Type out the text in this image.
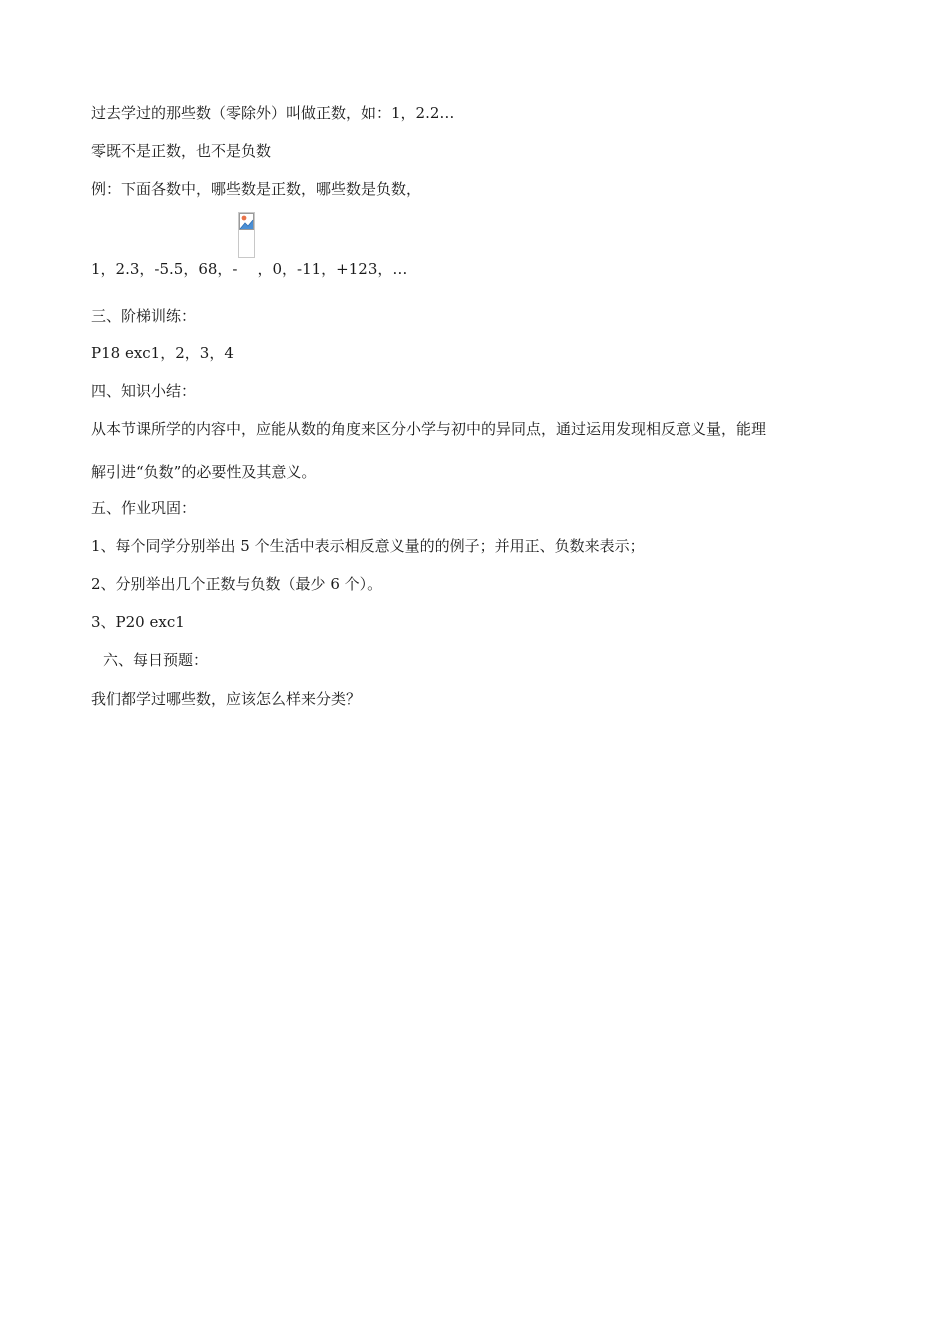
过去学过的那些数（零除外）叫做正数，如：1，2.2…
零既不是正数，也不是负数
例：下面各数中，哪些数是正数，哪些数是负数，
1，2.3，-5.5，68，- ，0，-11，+123，…
三、阶梯训练：
P18 exc1，2，3，4
四、知识小结：
从本节课所学的内容中，应能从数的角度来区分小学与初中的异同点，通过运用发现相反意义量，能理
解引进“负数”的必要性及其意义。
五、作业巩固：
1、每个同学分别举出 5 个生活中表示相反意义量的的例子；并用正、负数来表示；
2、分别举出几个正数与负数（最少 6 个）。
3、P20 exc1
六、每日预题：
我们都学过哪些数，应该怎么样来分类？
